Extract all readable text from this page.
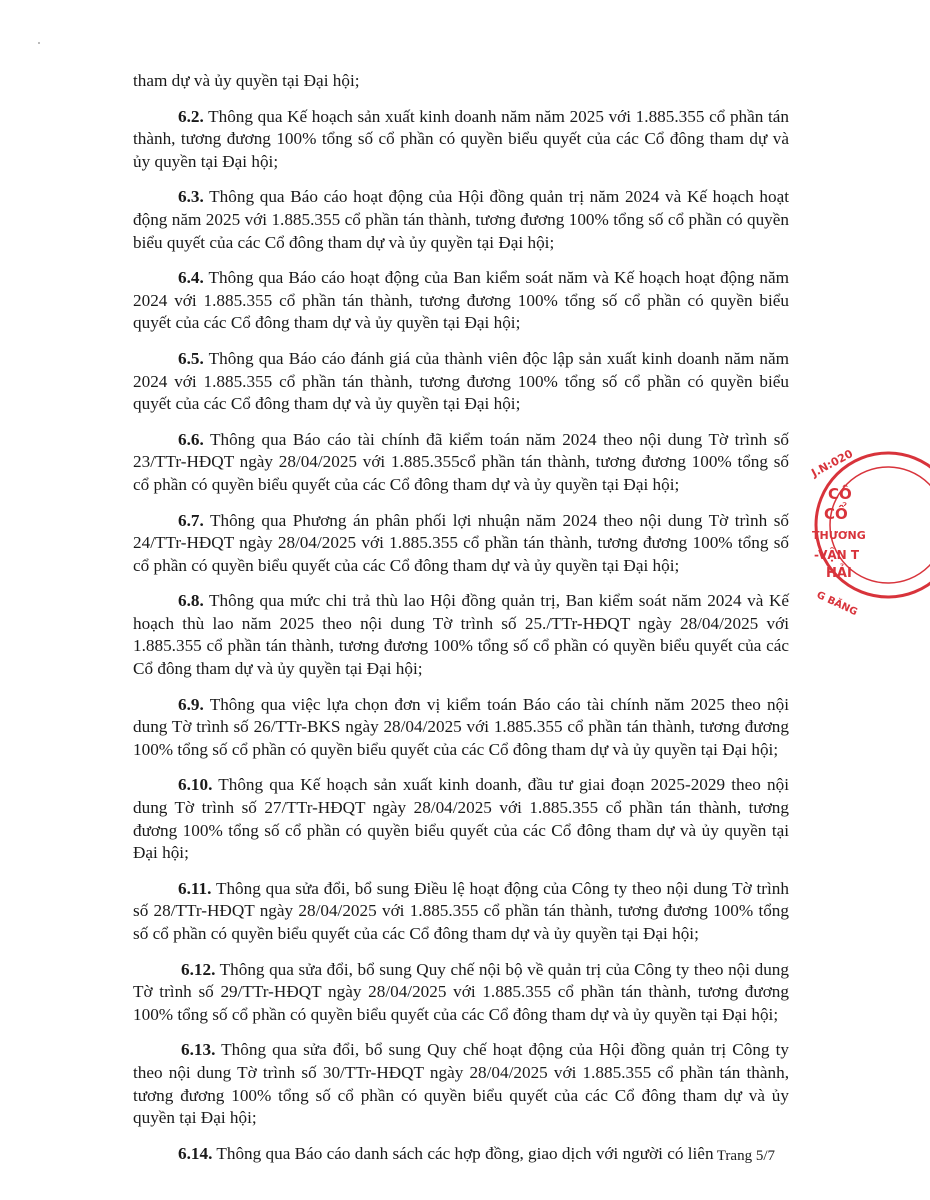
tham dự và ủy quyền tại Đại hội;

6.2. Thông qua Kế hoạch sản xuất kinh doanh năm năm 2025 với 1.885.355 cổ phần tán thành, tương đương 100% tổng số cổ phần có quyền biểu quyết của các Cổ đông tham dự và ủy quyền tại Đại hội;

6.3. Thông qua Báo cáo hoạt động của Hội đồng quản trị năm 2024 và Kế hoạch hoạt động năm 2025 với 1.885.355 cổ phần tán thành, tương đương 100% tổng số cổ phần có quyền biểu quyết của các Cổ đông tham dự và ủy quyền tại Đại hội;

6.4. Thông qua Báo cáo hoạt động của Ban kiểm soát năm và Kế hoạch hoạt động năm 2024 với 1.885.355 cổ phần tán thành, tương đương 100% tổng số cổ phần có quyền biểu quyết của các Cổ đông tham dự và ủy quyền tại Đại hội;

6.5. Thông qua Báo cáo đánh giá của thành viên độc lập sản xuất kinh doanh năm năm 2024 với 1.885.355 cổ phần tán thành, tương đương 100% tổng số cổ phần có quyền biểu quyết của các Cổ đông tham dự và ủy quyền tại Đại hội;

6.6. Thông qua Báo cáo tài chính đã kiểm toán năm 2024 theo nội dung Tờ trình số 23/TTr-HĐQT ngày 28/04/2025 với 1.885.355cổ phần tán thành, tương đương 100% tổng số cổ phần có quyền biểu quyết của các Cổ đông tham dự và ủy quyền tại Đại hội;

6.7. Thông qua Phương án phân phối lợi nhuận năm 2024 theo nội dung Tờ trình số 24/TTr-HĐQT ngày 28/04/2025 với 1.885.355 cổ phần tán thành, tương đương 100% tổng số cổ phần có quyền biểu quyết của các Cổ đông tham dự và ủy quyền tại Đại hội;

6.8. Thông qua mức chi trả thù lao Hội đồng quản trị, Ban kiểm soát năm 2024 và Kế hoạch thù lao năm 2025 theo nội dung Tờ trình số 25./TTr-HĐQT ngày 28/04/2025 với 1.885.355 cổ phần tán thành, tương đương 100% tổng số cổ phần có quyền biểu quyết của các Cổ đông tham dự và ủy quyền tại Đại hội;

6.9. Thông qua việc lựa chọn đơn vị kiểm toán Báo cáo tài chính năm 2025 theo nội dung Tờ trình số 26/TTr-BKS ngày 28/04/2025 với 1.885.355 cổ phần tán thành, tương đương 100% tổng số cổ phần có quyền biểu quyết của các Cổ đông tham dự và ủy quyền tại Đại hội;

6.10. Thông qua Kế hoạch sản xuất kinh doanh, đầu tư giai đoạn 2025-2029 theo nội dung Tờ trình số 27/TTr-HĐQT ngày 28/04/2025 với 1.885.355 cổ phần tán thành, tương đương 100% tổng số cổ phần có quyền biểu quyết của các Cổ đông tham dự và ủy quyền tại Đại hội;

6.11. Thông qua sửa đổi, bổ sung Điều lệ hoạt động của Công ty theo nội dung Tờ trình số 28/TTr-HĐQT ngày 28/04/2025 với 1.885.355 cổ phần tán thành, tương đương 100% tổng số cổ phần có quyền biểu quyết của các Cổ đông tham dự và ủy quyền tại Đại hội;

6.12. Thông qua sửa đổi, bổ sung Quy chế nội bộ về quản trị của Công ty theo nội dung Tờ trình số 29/TTr-HĐQT ngày 28/04/2025 với 1.885.355 cổ phần tán thành, tương đương 100% tổng số cổ phần có quyền biểu quyết của các Cổ đông tham dự và ủy quyền tại Đại hội;

6.13. Thông qua sửa đổi, bổ sung Quy chế hoạt động của Hội đồng quản trị Công ty theo nội dung Tờ trình số 30/TTr-HĐQT ngày 28/04/2025 với 1.885.355 cổ phần tán thành, tương đương 100% tổng số cổ phần có quyền biểu quyết của các Cổ đông tham dự và ủy quyền tại Đại hội;

6.14. Thông qua Báo cáo danh sách các hợp đồng, giao dịch với người có liên Trang 5/7
J.N:020
CÔ
CỔ
THƯƠNG
-VẬN T
HẢI
G BĂNG
